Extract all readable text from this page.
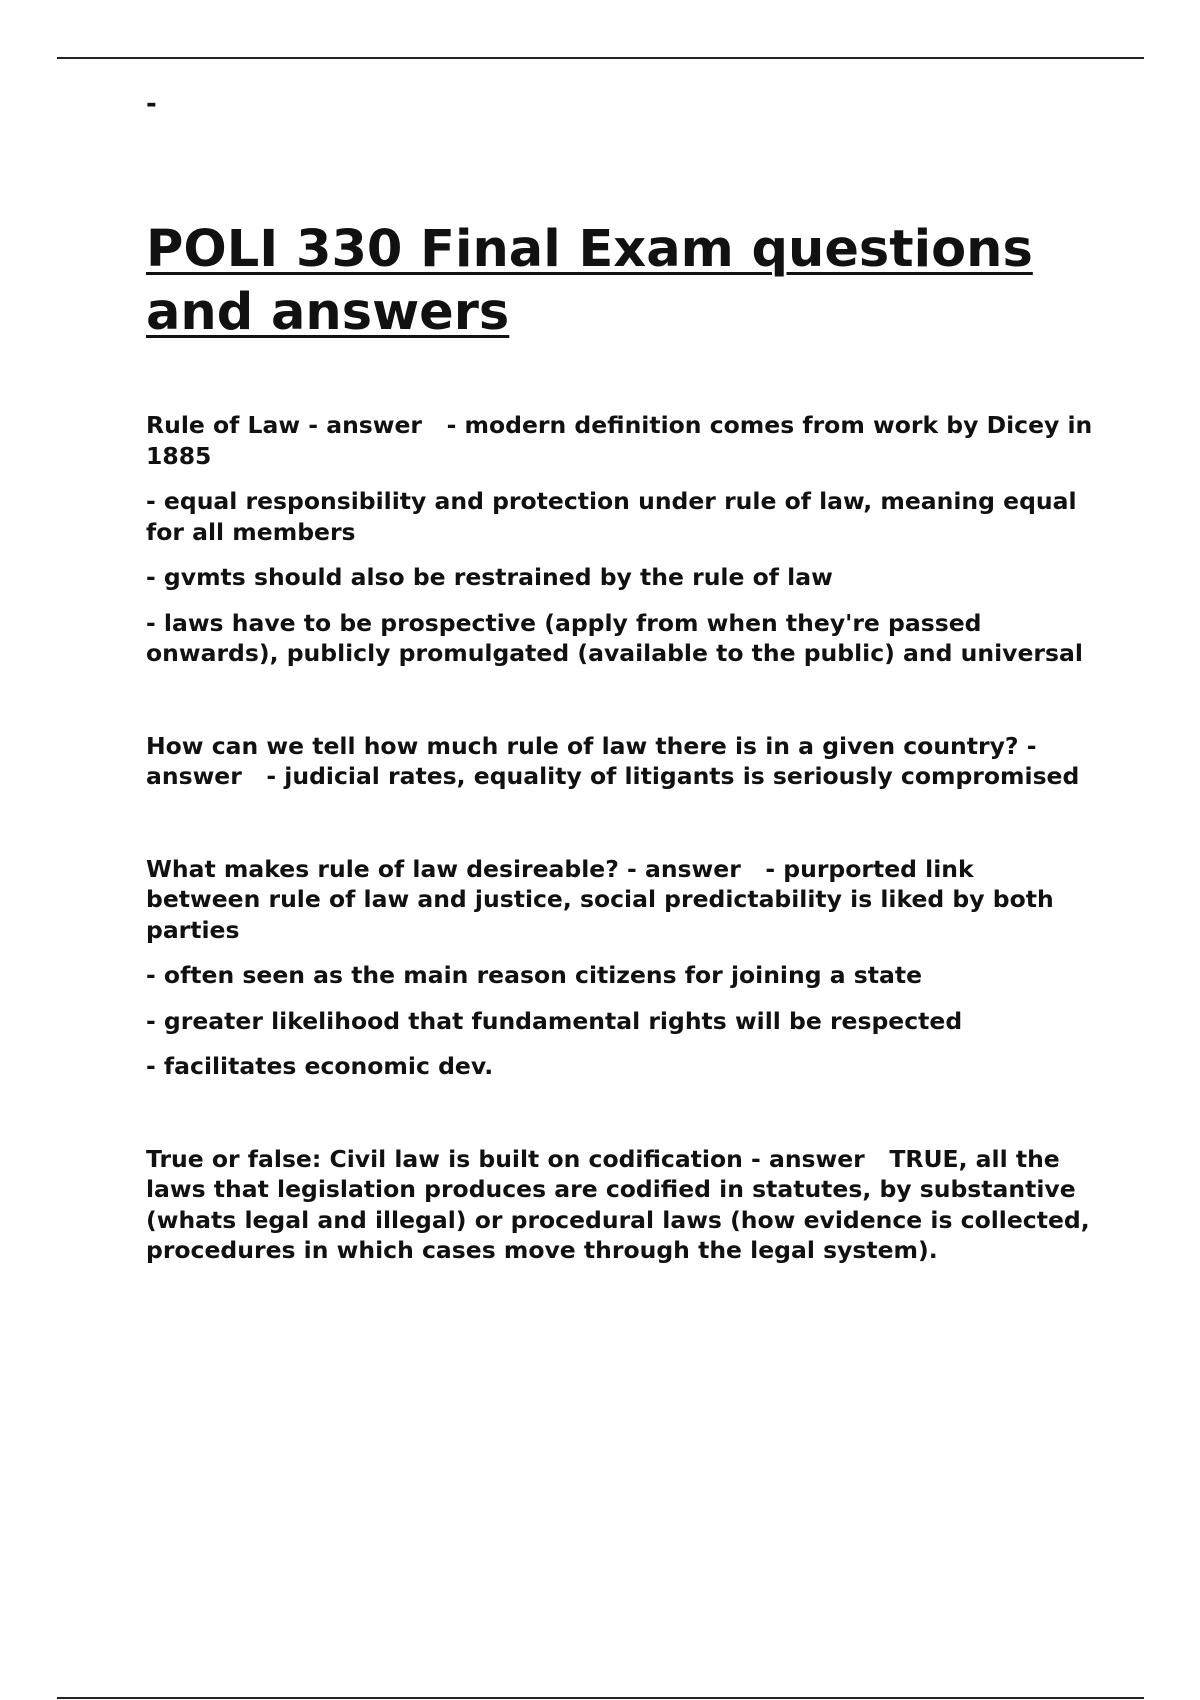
-

POLI 330 Final Exam questions and answers

Rule of Law - answer   - modern definition comes from work by Dicey in 1885

- equal responsibility and protection under rule of law, meaning equal for all members

- gvmts should also be restrained by the rule of law

- laws have to be prospective (apply from when they're passed onwards), publicly promulgated (available to the public) and universal

How can we tell how much rule of law there is in a given country? - answer   - judicial rates, equality of litigants is seriously compromised

What makes rule of law desireable? - answer   - purported link between rule of law and justice, social predictability is liked by both parties

- often seen as the main reason citizens for joining a state

- greater likelihood that fundamental rights will be respected

- facilitates economic dev.

True or false: Civil law is built on codification - answer   TRUE, all the laws that legislation produces are codified in statutes, by substantive (whats legal and illegal) or procedural laws (how evidence is collected, procedures in which cases move through the legal system).
